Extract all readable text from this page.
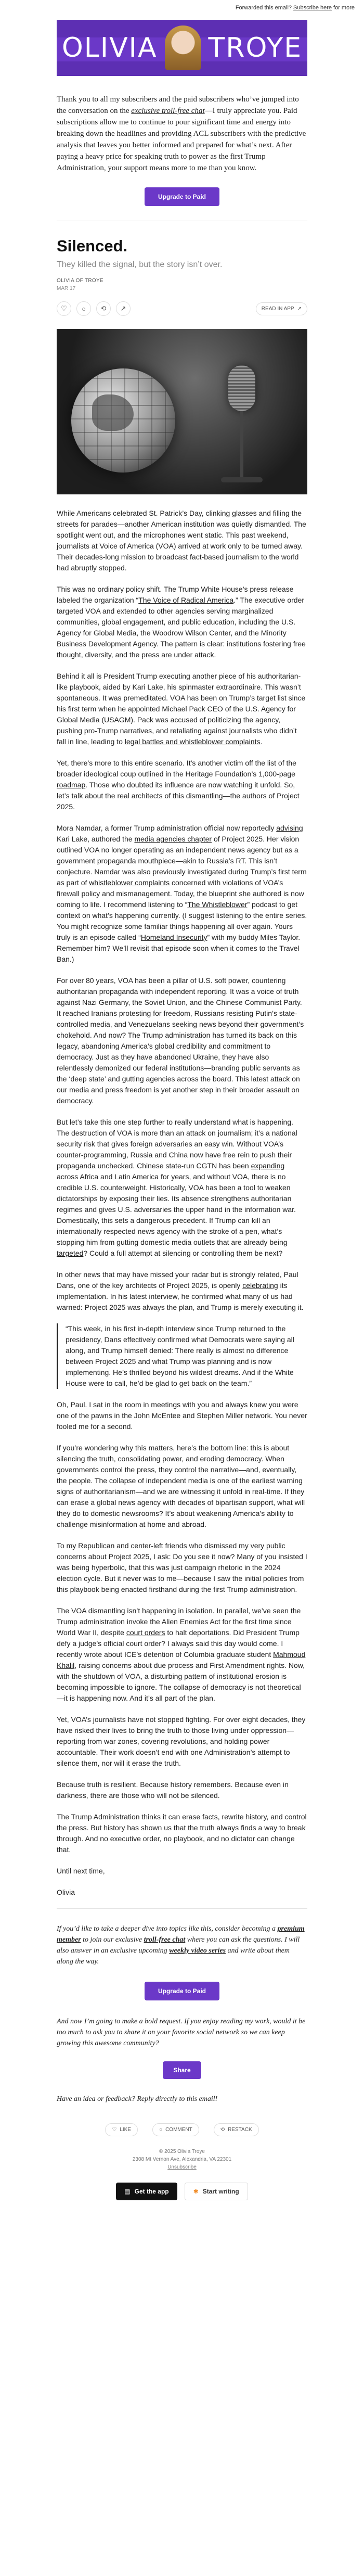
Forwarded this email? Subscribe here for more
OLIVIA TROYE
Thank you to all my subscribers and the paid subscribers who’ve jumped into the conversation on the exclusive troll-free chat—I truly appreciate you. Paid subscriptions allow me to continue to pour significant time and energy into breaking down the headlines and providing ACL subscribers with the predictive analysis that leaves you better informed and prepared for what’s next. After paying a heavy price for speaking truth to power as the first Trump Administration, your support means more to me than you know.
Upgrade to Paid
Silenced.
They killed the signal, but the story isn’t over.
OLIVIA OF TROYE
MAR 17
♡ ○ ⟲ ↗	READ IN APP ↗

While Americans celebrated St. Patrick’s Day, clinking glasses and filling the streets for parades—another American institution was quietly dismantled. The spotlight went out, and the microphones went static. This past weekend, journalists at Voice of America (VOA) arrived at work only to be turned away. Their decades-long mission to broadcast fact-based journalism to the world had abruptly stopped.

This was no ordinary policy shift. The Trump White House’s press release labeled the organization “The Voice of Radical America.” The executive order targeted VOA and extended to other agencies serving marginalized communities, global engagement, and public education, including the U.S. Agency for Global Media, the Woodrow Wilson Center, and the Minority Business Development Agency. The pattern is clear: institutions fostering free thought, diversity, and the press are under attack.

Behind it all is President Trump executing another piece of his authoritarian-like playbook, aided by Kari Lake, his spinmaster extraordinaire. This wasn’t spontaneous. It was premeditated. VOA has been on Trump’s target list since his first term when he appointed Michael Pack CEO of the U.S. Agency for Global Media (USAGM). Pack was accused of politicizing the agency, pushing pro-Trump narratives, and retaliating against journalists who didn’t fall in line, leading to legal battles and whistleblower complaints.

Yet, there’s more to this entire scenario. It’s another victim off the list of the broader ideological coup outlined in the Heritage Foundation’s 1,000-page roadmap. Those who doubted its influence are now watching it unfold. So, let’s talk about the real architects of this dismantling—the authors of Project 2025.

Mora Namdar, a former Trump administration official now reportedly advising Kari Lake, authored the media agencies chapter of Project 2025. Her vision outlined VOA no longer operating as an independent news agency but as a government propaganda mouthpiece—akin to Russia’s RT. This isn’t conjecture. Namdar was also previously investigated during Trump’s first term as part of whistleblower complaints concerned with violations of VOA’s firewall policy and mismanagement. Today, the blueprint she authored is now coming to life. I recommend listening to “The Whistleblower” podcast to get context on what’s happening currently. (I suggest listening to the entire series. You might recognize some familiar things happening all over again. Yours truly is an episode called “Homeland Insecurity” with my buddy Miles Taylor. Remember him? We’ll revisit that episode soon when it comes to the Travel Ban.)

For over 80 years, VOA has been a pillar of U.S. soft power, countering authoritarian propaganda with independent reporting. It was a voice of truth against Nazi Germany, the Soviet Union, and the Chinese Communist Party. It reached Iranians protesting for freedom, Russians resisting Putin’s state-controlled media, and Venezuelans seeking news beyond their government’s chokehold. And now? The Trump administration has turned its back on this legacy, abandoning America’s global credibility and commitment to democracy. Just as they have abandoned Ukraine, they have also relentlessly demonized our federal institutions—branding public servants as the ‘deep state’ and gutting agencies across the board. This latest attack on our media and press freedom is yet another step in their broader assault on democracy.

But let’s take this one step further to really understand what is happening. The destruction of VOA is more than an attack on journalism; it’s a national security risk that gives foreign adversaries an easy win. Without VOA’s counter-programming, Russia and China now have free rein to push their propaganda unchecked. Chinese state-run CGTN has been expanding across Africa and Latin America for years, and without VOA, there is no credible U.S. counterweight. Historically, VOA has been a tool to weaken dictatorships by exposing their lies. Its absence strengthens authoritarian regimes and gives U.S. adversaries the upper hand in the information war. Domestically, this sets a dangerous precedent. If Trump can kill an internationally respected news agency with the stroke of a pen, what’s stopping him from gutting domestic media outlets that are already being targeted? Could a full attempt at silencing or controlling them be next?

In other news that may have missed your radar but is strongly related, Paul Dans, one of the key architects of Project 2025, is openly celebrating its implementation. In his latest interview, he confirmed what many of us had warned: Project 2025 was always the plan, and Trump is merely executing it.

“This week, in his first in-depth interview since Trump returned to the presidency, Dans effectively confirmed what Democrats were saying all along, and Trump himself denied: There really is almost no difference between Project 2025 and what Trump was planning and is now implementing. He’s thrilled beyond his wildest dreams. And if the White House were to call, he’d be glad to get back on the team.”

Oh, Paul. I sat in the room in meetings with you and always knew you were one of the pawns in the John McEntee and Stephen Miller network. You never fooled me for a second.

If you’re wondering why this matters, here’s the bottom line: this is about silencing the truth, consolidating power, and eroding democracy. When governments control the press, they control the narrative—and, eventually, the people. The collapse of independent media is one of the earliest warning signs of authoritarianism—and we are witnessing it unfold in real-time. If they can erase a global news agency with decades of bipartisan support, what will they do to domestic newsrooms? It’s about weakening America’s ability to challenge misinformation at home and abroad.

To my Republican and center-left friends who dismissed my very public concerns about Project 2025, I ask: Do you see it now? Many of you insisted I was being hyperbolic, that this was just campaign rhetoric in the 2024 election cycle. But it never was to me—because I saw the initial policies from this playbook being enacted firsthand during the first Trump administration.

The VOA dismantling isn’t happening in isolation. In parallel, we’ve seen the Trump administration invoke the Alien Enemies Act for the first time since World War II, despite court orders to halt deportations. Did President Trump defy a judge’s official court order? I always said this day would come. I recently wrote about ICE’s detention of Columbia graduate student Mahmoud Khalil, raising concerns about due process and First Amendment rights. Now, with the shutdown of VOA, a disturbing pattern of institutional erosion is becoming impossible to ignore. The collapse of democracy is not theoretical—it is happening now. And it’s all part of the plan.

Yet, VOA’s journalists have not stopped fighting. For over eight decades, they have risked their lives to bring the truth to those living under oppression—reporting from war zones, covering revolutions, and holding power accountable. Their work doesn’t end with one Administration’s attempt to silence them, nor will it erase the truth.

Because truth is resilient. Because history remembers. Because even in darkness, there are those who will not be silenced.

The Trump Administration thinks it can erase facts, rewrite history, and control the press. But history has shown us that the truth always finds a way to break through. And no executive order, no playbook, and no dictator can change that.

Until next time,

Olivia

If you’d like to take a deeper dive into topics like this, consider becoming a premium member to join our exclusive troll-free chat where you can ask the questions. I will also answer in an exclusive upcoming weekly video series and write about them along the way.
Upgrade to Paid
And now I’m going to make a bold request. If you enjoy reading my work, would it be too much to ask you to share it on your favorite social network so we can keep growing this awesome community?
Share
Have an idea or feedback? Reply directly to this email!
♡ LIKE	○ COMMENT	⟲ RESTACK
© 2025 Olivia Troye
2308 Mt Vernon Ave, Alexandria, VA 22301
Unsubscribe
▤ Get the app	✱ Start writing
